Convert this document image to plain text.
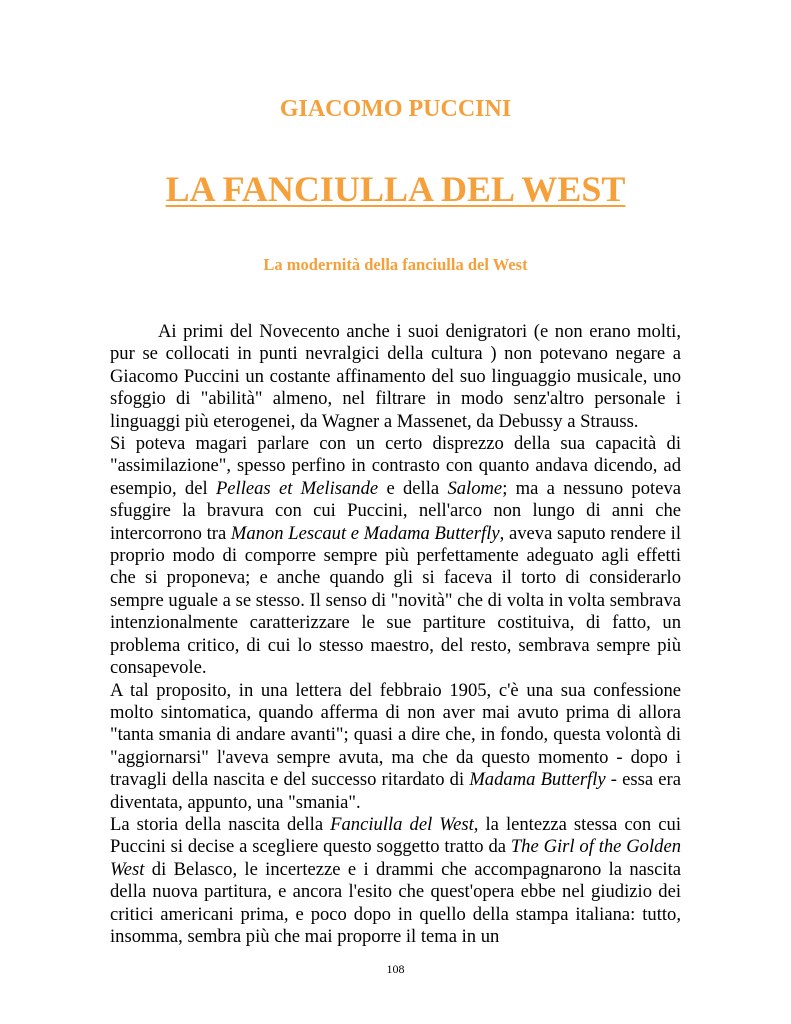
GIACOMO PUCCINI
LA FANCIULLA DEL WEST
La modernità della fanciulla del West

Ai primi del Novecento anche i suoi denigratori (e non erano molti, pur se collocati in punti nevralgici della cultura ) non potevano negare a Giacomo Puccini un costante affinamento del suo linguaggio musicale, uno sfoggio di "abilità" almeno, nel filtrare in modo senz'altro personale i linguaggi più eterogenei, da Wagner a Massenet, da Debussy a Strauss.

Si poteva magari parlare con un certo disprezzo della sua capacità di "assimilazione", spesso perfino in contrasto con quanto andava dicendo, ad esempio, del Pelleas et Melisande e della Salome; ma a nessuno poteva sfuggire la bravura con cui Puccini, nell'arco non lungo di anni che intercorrono tra Manon Lescaut e Madama Butterfly, aveva saputo rendere il proprio modo di comporre sempre più perfettamente adeguato agli effetti che si proponeva; e anche quando gli si faceva il torto di considerarlo sempre uguale a se stesso. Il senso di "novità" che di volta in volta sembrava intenzionalmente caratterizzare le sue partiture costituiva, di fatto, un problema critico, di cui lo stesso maestro, del resto, sembrava sempre più consapevole.

A tal proposito, in una lettera del febbraio 1905, c'è una sua confessione molto sintomatica, quando afferma di non aver mai avuto prima di allora "tanta smania di andare avanti"; quasi a dire che, in fondo, questa volontà di "aggiornarsi" l'aveva sempre avuta, ma che da questo momento - dopo i travagli della nascita e del successo ritardato di Madama Butterfly - essa era diventata, appunto, una "smania".

La storia della nascita della Fanciulla del West, la lentezza stessa con cui Puccini si decise a scegliere questo soggetto tratto da The Girl of the Golden West di Belasco, le incertezze e i drammi che accompagnarono la nascita della nuova partitura, e ancora l'esito che quest'opera ebbe nel giudizio dei critici americani prima, e poco dopo in quello della stampa italiana: tutto, insomma, sembra più che mai proporre il tema in un

108
